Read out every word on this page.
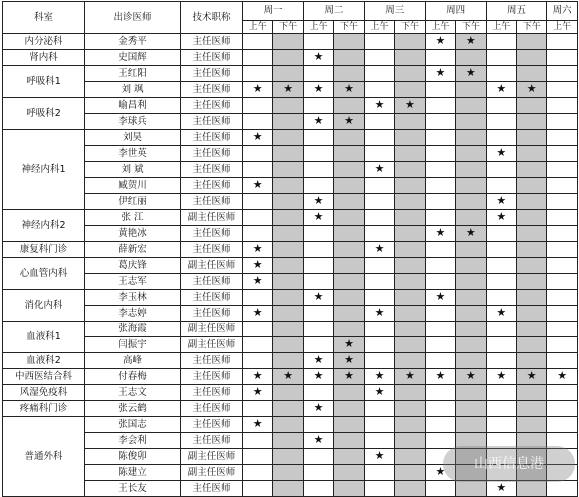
科室	出诊医师	技术职称	周一		周二		周三		周四		周五		周六
			上午	下午	上午	下午	上午	下午	上午	下午	上午	下午	上午
内分泌科	金秀平	主任医师							★	★			
肾内科	史国辉	主任医师			★								
呼吸科1	王红阳	主任医师							★	★			
	刘 飒	主任医师	★	★	★	★					★	★	
呼吸科2	喻昌利	主任医师					★	★					
	李球兵	主任医师			★	★							
神经内科1	刘昊	主任医师	★										
	李世英	主任医师									★		
	刘 斌	主任医师					★						
	臧贺川	主任医师	★										
	伊红丽	主任医师			★						★		
神经内科2	张 江	副主任医师			★						★		
	黄艳冰	主任医师							★	★			
康复科门诊	薛新宏	主任医师	★				★						
心血管内科	葛庆锋	副主任医师	★										
	王志军	主任医师	★										
消化内科	李玉林	主任医师			★				★				
	李志婷	主任医师	★				★				★		
血液科1	张海霞	副主任医师											
	闫振宇	副主任医师				★							
血液科2	高峰	主任医师			★	★							
中西医结合科	付春梅	主任医师	★	★	★	★	★	★	★	★	★	★	★
风湿免疫科	王志文	主任医师	★				★						
疼痛科门诊	张云鹤	主任医师			★								
普通外科	张国志	主任医师	★										
	李会利	主任医师			★								
	陈俊卯	副主任医师					★						
	陈建立	副主任医师							★				
	王长友	主任医师									★		
山西信息港
